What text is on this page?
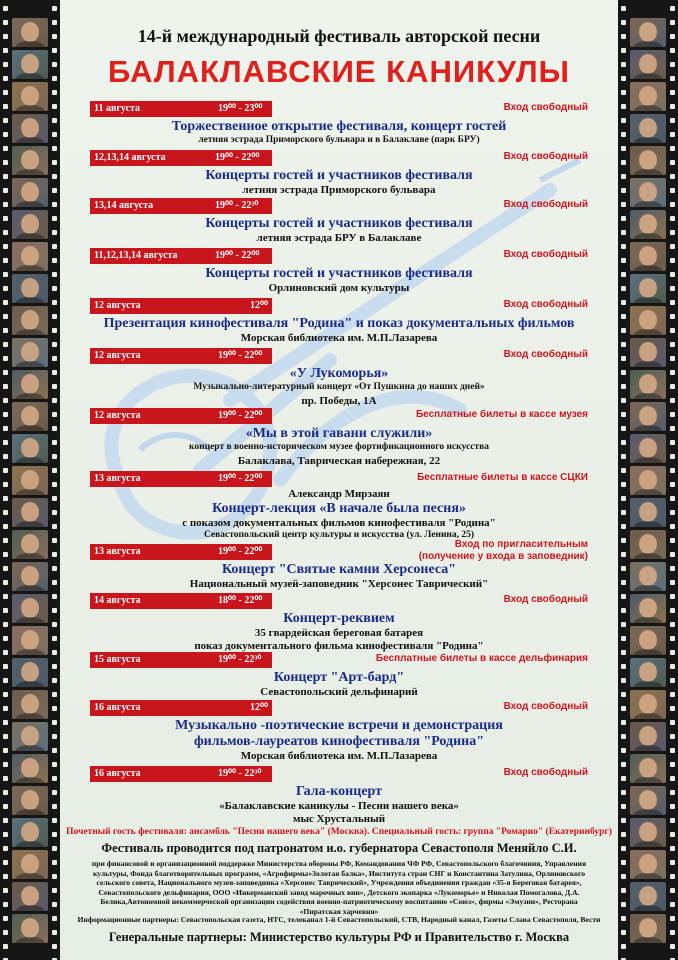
14-й международный фестиваль авторской песни
БАЛАКЛАВСКИЕ КАНИКУЛЫ
11 августа	19⁰⁰ - 23⁰⁰	Вход свободный
Торжественное открытие фестиваля, концерт гостей
летняя эстрада Приморского бульвара и в Балаклаве (парк БРУ)
12,13,14 августа	19⁰⁰ - 22⁰⁰	Вход свободный
Концерты гостей и участников фестиваля
летняя эстрада Приморского бульвара
13,14 августа	19⁰⁰ - 22³⁰	Вход свободный
Концерты гостей и участников фестиваля
летняя эстрада БРУ в Балаклаве
11,12,13,14 августа	19⁰⁰ - 22⁰⁰	Вход свободный
Концерты гостей и участников фестиваля
Орлиновский дом культуры
12 августа	12⁰⁰	Вход свободный
Презентация кинофестиваля "Родина" и показ документальных фильмов
Морская библиотека им. М.П.Лазарева
12 августа	19⁰⁰ - 22⁰⁰	Вход свободный
«У Лукоморья»
Музыкально-литературный концерт «От Пушкина до наших дней»
пр. Победы, 1А
12 августа	19⁰⁰ - 22⁰⁰	Бесплатные билеты в кассе музея
«Мы в этой гавани служили»
концерт в военно-историческом музее фортификационного искусства
Балаклава, Таврическая набережная, 22
13 августа	19⁰⁰ - 22⁰⁰	Бесплатные билеты в кассе СЦКИ
Александр Мирзаян
Концерт-лекция «В начале была песня»
с показом документальных фильмов кинофестиваля "Родина"
Севастопольский центр культуры и искусства (ул. Ленина, 25)
13 августа	19⁰⁰ - 22⁰⁰
Вход по пригласительным
(получение у входа в заповедник)
Концерт "Святые камни Херсонеса"
Национальный музей-заповедник "Херсонес Таврический"
14 августа	18⁰⁰ - 22⁰⁰	Вход свободный
Концерт-реквием
35 гвардейская береговая батарея
показ документального фильма кинофестиваля "Родина"
15 августа	19⁰⁰ - 22³⁰	Бесплатные билеты в кассе дельфинария
Концерт "Арт-бард"
Севастопольский дельфинарий
16 августа	12⁰⁰	Вход свободный
Музыкально -поэтические встречи и демонстрация
фильмов-лауреатов кинофестиваля "Родина"
Морская библиотека им. М.П.Лазарева
16 августа	19⁰⁰ - 22³⁰	Вход свободный
Гала-концерт
«Балаклавские каникулы - Песни нашего века»
мыс Хрустальный
Почетный гость фестиваля: ансамбль "Песни нашего века" (Москва). Специальный гость: группа "Ромарио" (Екатеринбург)
Фестиваль проводится под патронатом и.о. губернатора Севастополя Меняйло С.И.
при финансовой и организационной поддержке Министерства обороны РФ, Командования ЧФ РФ, Севастопольского благочиния, Управления культуры, Фонда благотворительных программ, «Агрофирмы»Золотая балка», Института стран СНГ и Константина Затулина, Орлиновского сельского совета, Национального музея-заповедника «Херсонес Таврический», Учреждения объединения граждан «35-я Береговая батарея», Севастопольского дельфинария, ООО «Инкерманский завод марочных вин», Детского экопарка «Лукоморье» и Николая Помогалова, Д.А. Белика,Автономной некоммерческой организации содействия военно-патриотическому воспитанию «Союз», фирмы «Эмузин», Ресторана «Пиратская харчевня»
Информационные партнеры: Севастопольская газета, НТС, телеканал 1-й Севастопольский, СТВ, Народный канал, Газеты Слава Севастополя, Вести
Генеральные партнеры: Министерство культуры РФ и Правительство г. Москва
